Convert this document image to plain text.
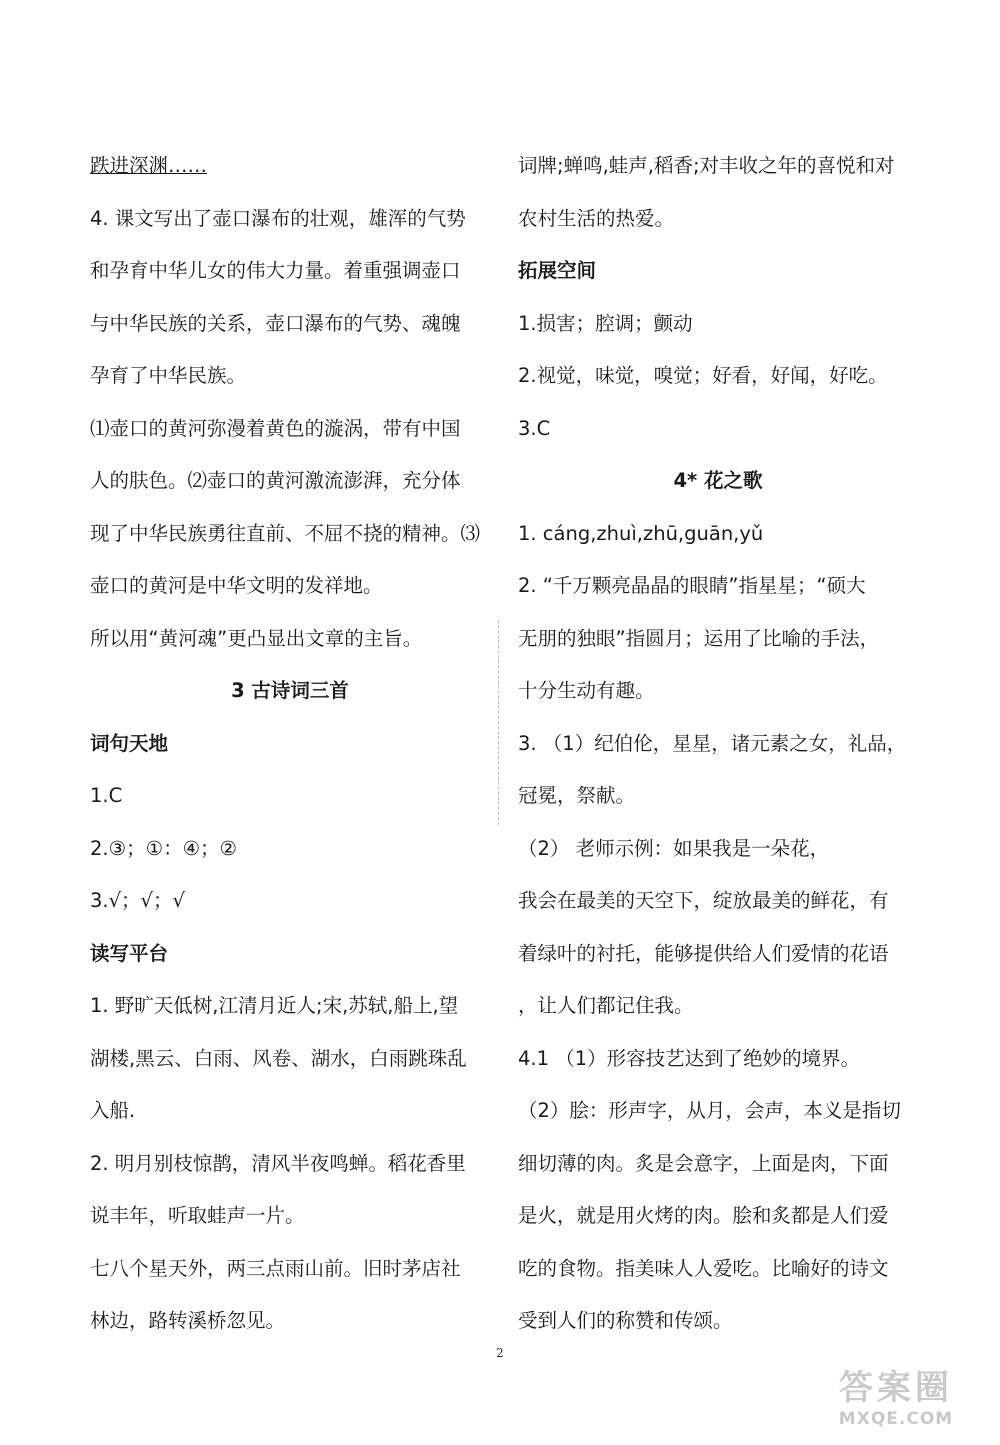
跌进深渊……
4. 课文写出了壶口瀑布的壮观，雄浑的气势
和孕育中华儿女的伟大力量。着重强调壶口
与中华民族的关系，壶口瀑布的气势、魂魄
孕育了中华民族。
⑴壶口的黄河弥漫着黄色的漩涡，带有中国
人的肤色。⑵壶口的黄河激流澎湃，充分体
现了中华民族勇往直前、不屈不挠的精神。⑶
壶口的黄河是中华文明的发祥地。
所以用“黄河魂”更凸显出文章的主旨。
3 古诗词三首
词句天地
1.C
2.③；①：④；②
3.√；√；√
读写平台
1. 野旷天低树,江清月近人;宋,苏轼,船上,望
湖楼,黑云、白雨、风卷、湖水，白雨跳珠乱
入船.
2. 明月别枝惊鹊，清风半夜鸣蝉。稻花香里
说丰年，听取蛙声一片。
七八个星天外，两三点雨山前。旧时茅店社
林边，路转溪桥忽见。
词牌;蝉鸣,蛙声,稻香;对丰收之年的喜悦和对
农村生活的热爱。
拓展空间
1.损害；腔调；颤动
2.视觉，味觉，嗅觉；好看，好闻，好吃。
3.C
4* 花之歌
1. cáng,zhuì,zhū,guān,yǔ
2. “千万颗亮晶晶的眼睛”指星星；“硕大
无朋的独眼”指圆月；运用了比喻的手法，
十分生动有趣。
3. （1）纪伯伦，星星，诸元素之女，礼品，
冠冕，祭献。
（2） 老师示例：如果我是一朵花，
我会在最美的天空下，绽放最美的鲜花，有
着绿叶的衬托，能够提供给人们爱情的花语
，让人们都记住我。
4.1 （1）形容技艺达到了绝妙的境界。
（2）脍：形声字，从月，会声，本义是指切
细切薄的肉。炙是会意字，上面是肉，下面
是火，就是用火烤的肉。脍和炙都是人们爱
吃的食物。指美味人人爱吃。比喻好的诗文
受到人们的称赞和传颂。
2
答案圈
MXQE.COM
